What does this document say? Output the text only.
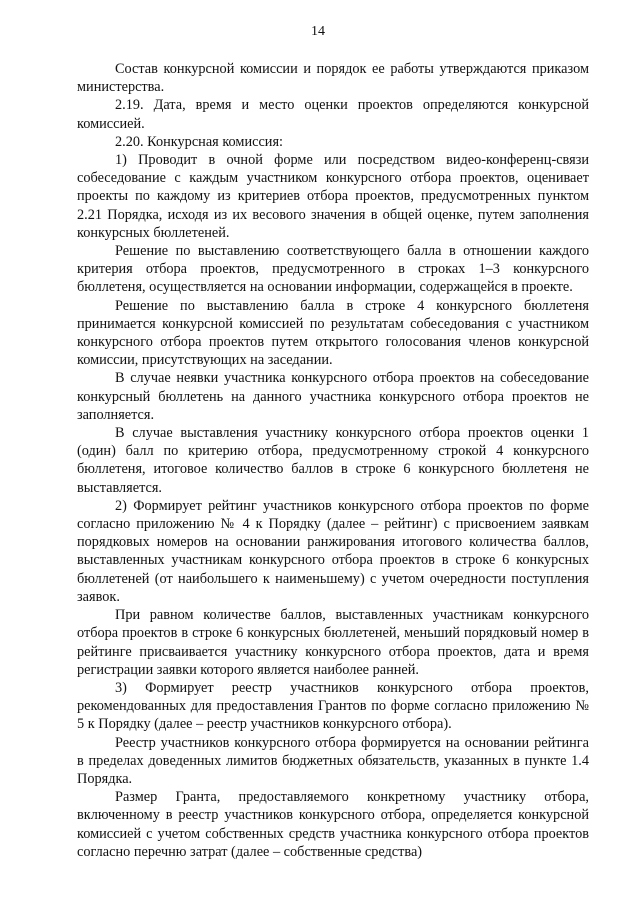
14

Состав конкурсной комиссии и порядок ее работы утверждаются приказом министерства.

2.19. Дата, время и место оценки проектов определяются конкурсной комиссией.

2.20. Конкурсная комиссия:

1) Проводит в очной форме или посредством видео-конференц-связи собеседование с каждым участником конкурсного отбора проектов, оценивает проекты по каждому из критериев отбора проектов, предусмотренных пунктом 2.21 Порядка, исходя из их весового значения в общей оценке, путем заполнения конкурсных бюллетеней.

Решение по выставлению соответствующего балла в отношении каждого критерия отбора проектов, предусмотренного в строках 1–3 конкурсного бюллетеня, осуществляется на основании информации, содержащейся в проекте.

Решение по выставлению балла в строке 4 конкурсного бюллетеня принимается конкурсной комиссией по результатам собеседования с участником конкурсного отбора проектов путем открытого голосования членов конкурсной комиссии, присутствующих на заседании.

В случае неявки участника конкурсного отбора проектов на собеседование конкурсный бюллетень на данного участника конкурсного отбора проектов не заполняется.

В случае выставления участнику конкурсного отбора проектов оценки 1 (один) балл по критерию отбора, предусмотренному строкой 4 конкурсного бюллетеня, итоговое количество баллов в строке 6 конкурсного бюллетеня не выставляется.

2) Формирует рейтинг участников конкурсного отбора проектов по форме согласно приложению № 4 к Порядку (далее – рейтинг) с присвоением заявкам порядковых номеров на основании ранжирования итогового количества баллов, выставленных участникам конкурсного отбора проектов в строке 6 конкурсных бюллетеней (от наибольшего к наименьшему) с учетом очередности поступления заявок.

При равном количестве баллов, выставленных участникам конкурсного отбора проектов в строке 6 конкурсных бюллетеней, меньший порядковый номер в рейтинге присваивается участнику конкурсного отбора проектов, дата и время регистрации заявки которого является наиболее ранней.

3) Формирует реестр участников конкурсного отбора проектов, рекомендованных для предоставления Грантов по форме согласно приложению № 5 к Порядку (далее – реестр участников конкурсного отбора).

Реестр участников конкурсного отбора формируется на основании рейтинга в пределах доведенных лимитов бюджетных обязательств, указанных в пункте 1.4 Порядка.

Размер Гранта, предоставляемого конкретному участнику отбора, включенному в реестр участников конкурсного отбора, определяется конкурсной комиссией с учетом собственных средств участника конкурсного отбора проектов согласно перечню затрат (далее – собственные средства)
